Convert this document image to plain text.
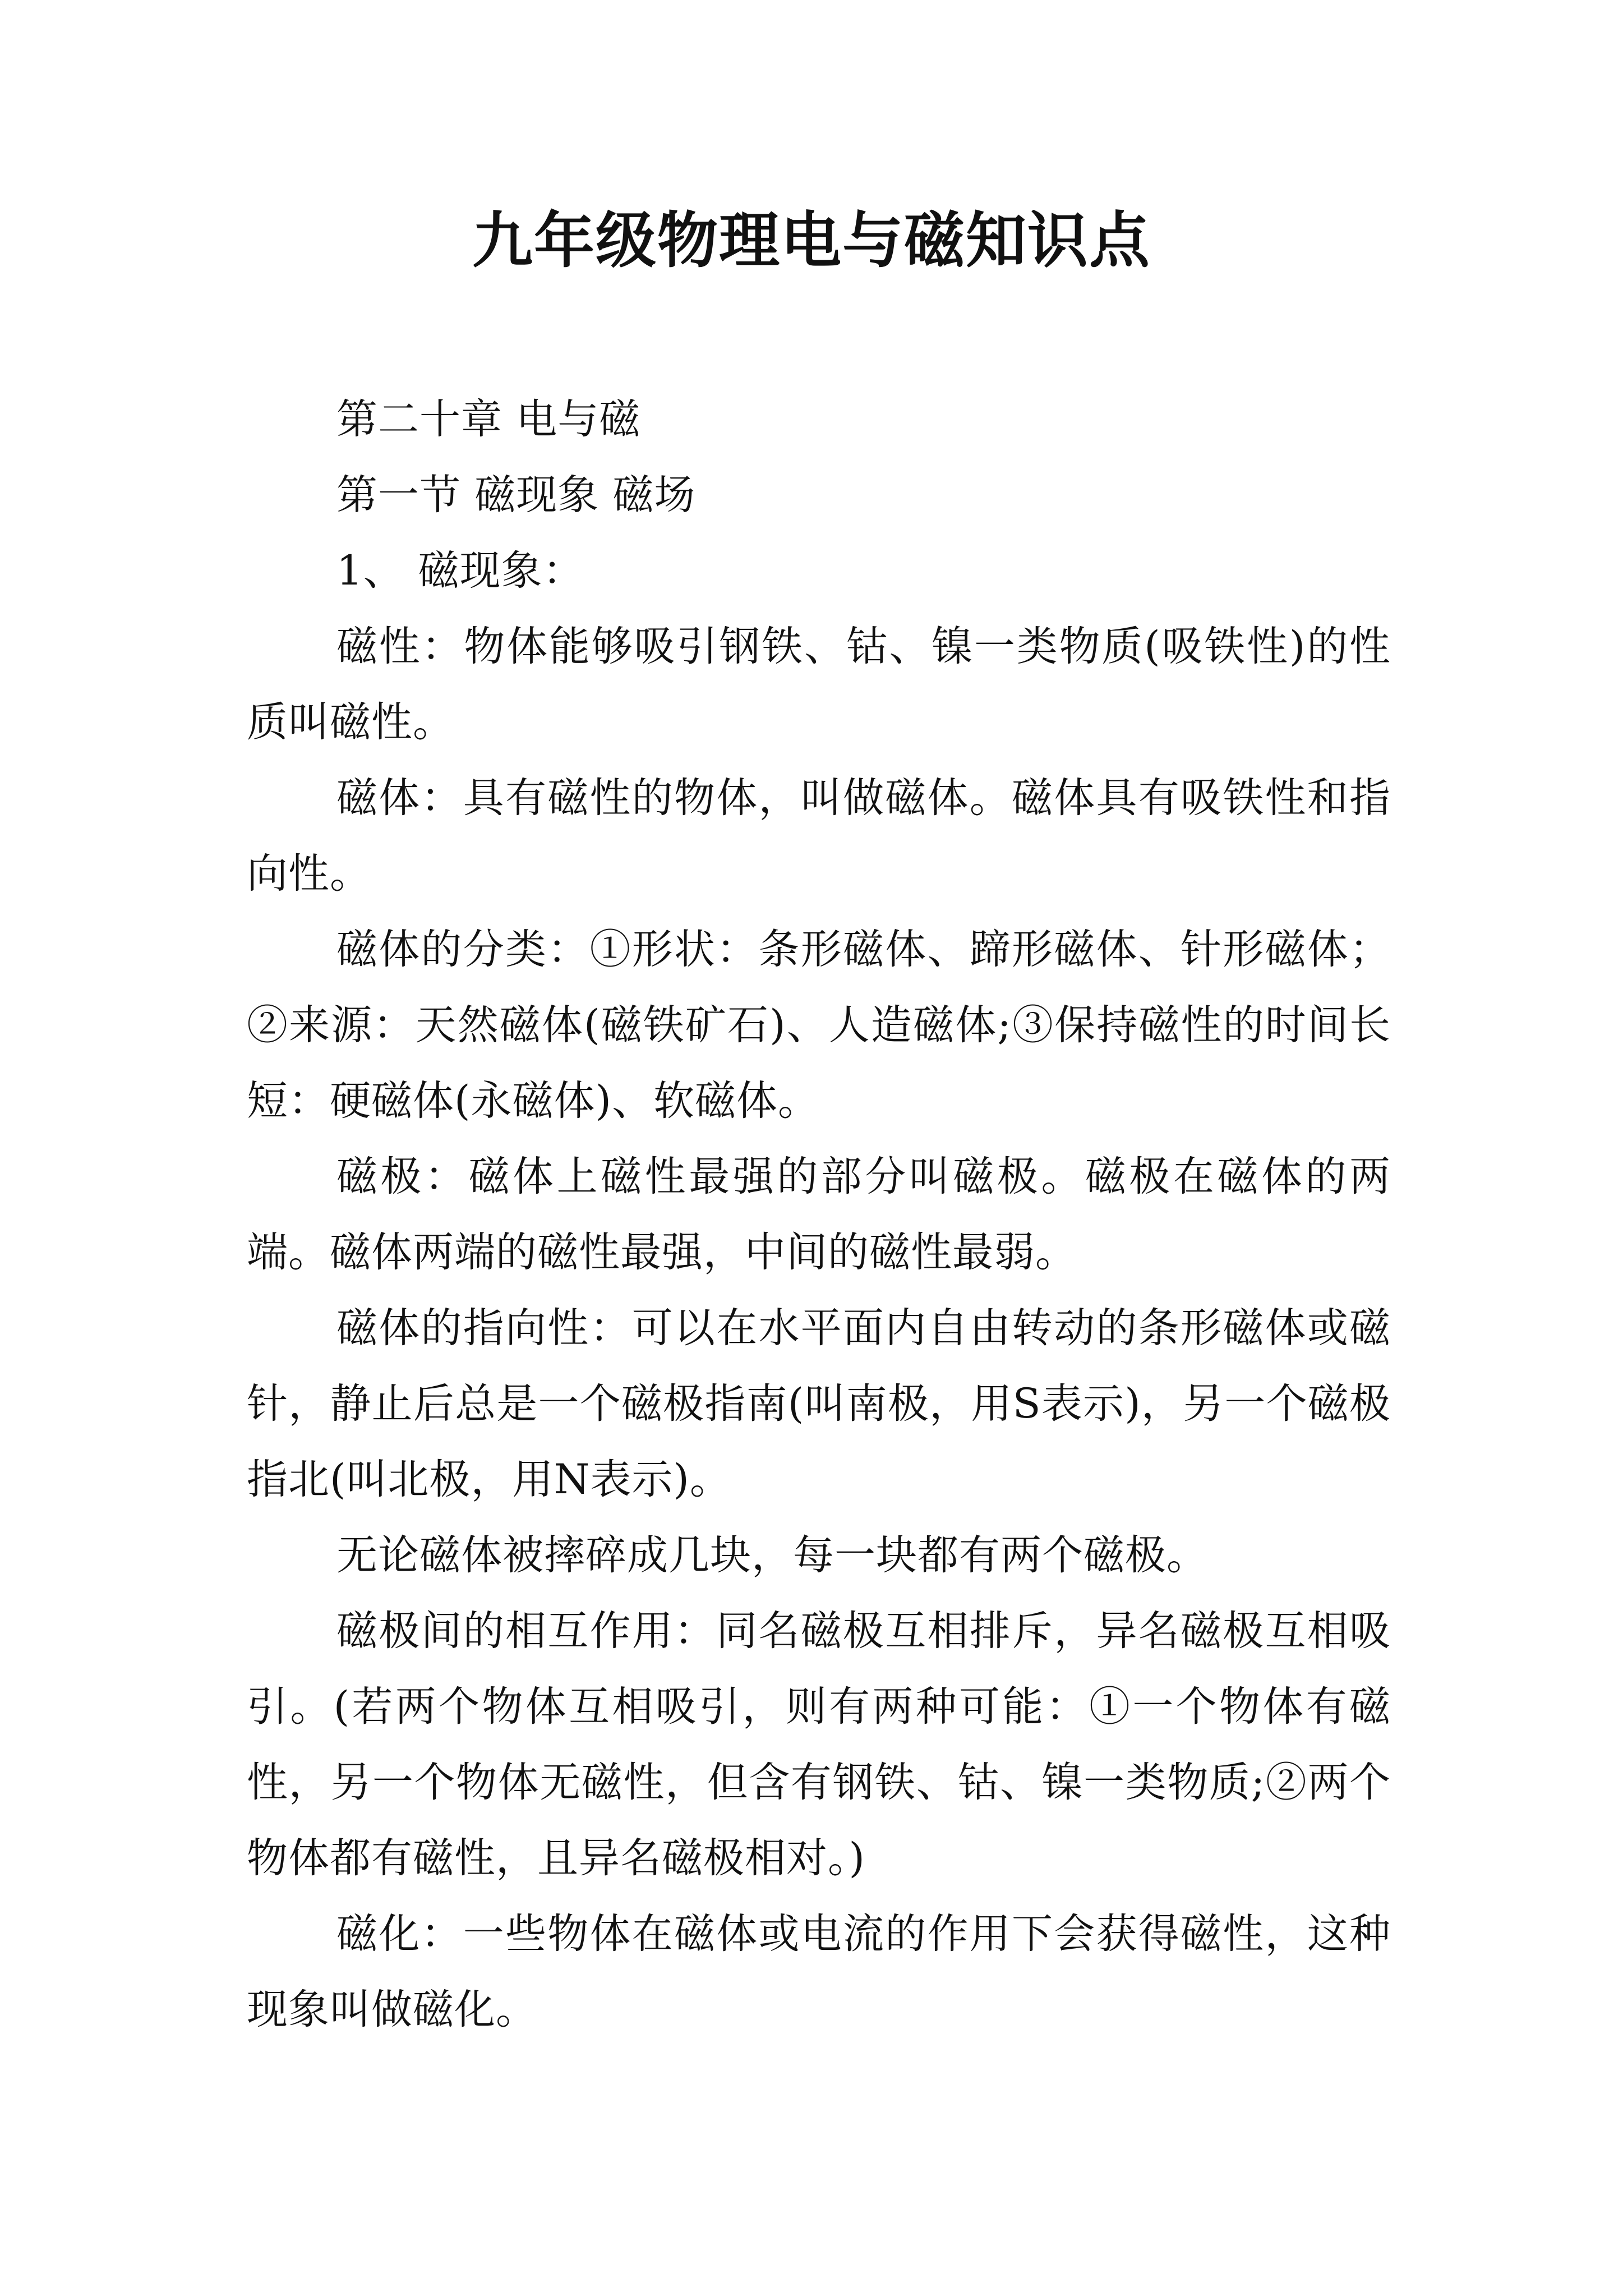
九年级物理电与磁知识点

第二十章 电与磁

第一节 磁现象 磁场

1、 磁现象：

磁性：物体能够吸引钢铁、钴、镍一类物质(吸铁性)的性质叫磁性。

磁体：具有磁性的物体，叫做磁体。磁体具有吸铁性和指向性。

磁体的分类：①形状：条形磁体、蹄形磁体、针形磁体；②来源：天然磁体(磁铁矿石)、人造磁体;③保持磁性的时间长短：硬磁体(永磁体)、软磁体。

磁极：磁体上磁性最强的部分叫磁极。磁极在磁体的两端。磁体两端的磁性最强，中间的磁性最弱。

磁体的指向性：可以在水平面内自由转动的条形磁体或磁针，静止后总是一个磁极指南(叫南极，用S表示)，另一个磁极指北(叫北极，用N表示)。

无论磁体被摔碎成几块，每一块都有两个磁极。

磁极间的相互作用：同名磁极互相排斥，异名磁极互相吸引。(若两个物体互相吸引，则有两种可能：①一个物体有磁性，另一个物体无磁性，但含有钢铁、钴、镍一类物质;②两个物体都有磁性，且异名磁极相对。)

磁化：一些物体在磁体或电流的作用下会获得磁性，这种现象叫做磁化。
